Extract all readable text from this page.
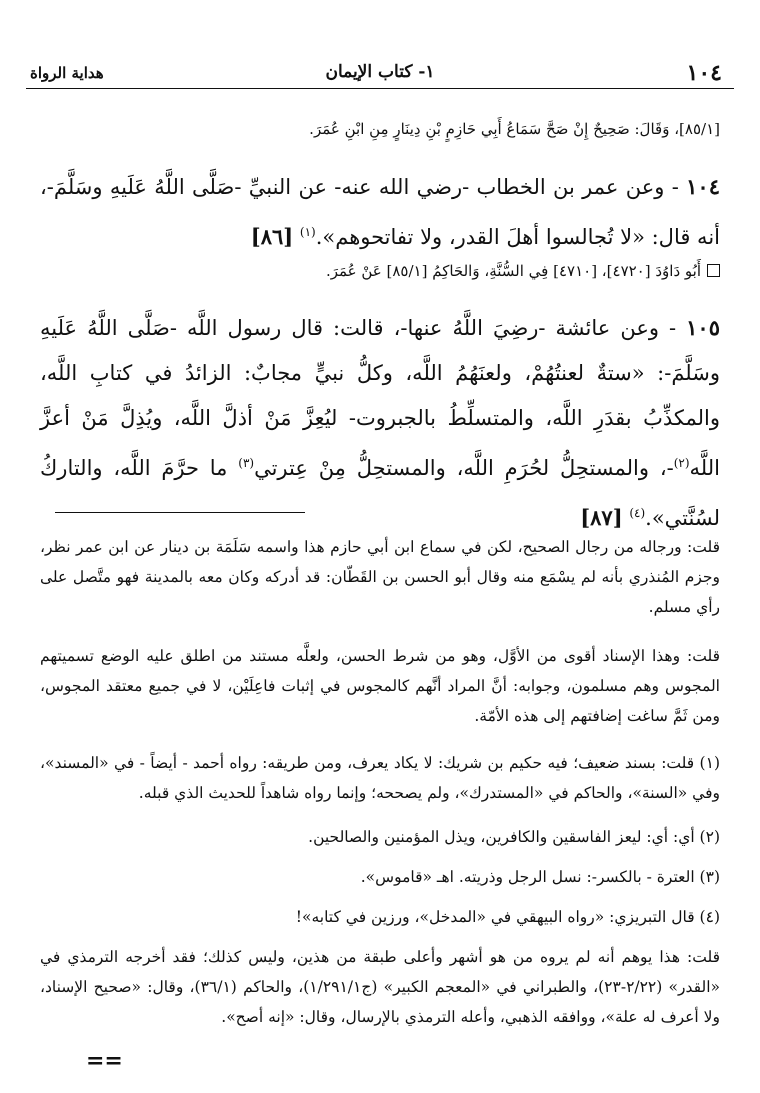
١٠٤
١- كتاب الإيمان
هداية الرواة
[٨٥/١]، وَقَالَ: صَحِيحٌ إِنْ صَحَّ سَمَاعُ أَبِي حَازِمٍ بْنِ دِينَارٍ مِنِ ابْنِ عُمَرَ.
١٠٤ - وعن عمر بن الخطاب -رضي الله عنه- عن النبيِّ -صَلَّى اللَّهُ عَلَيهِ وسَلَّمَ-، أنه قال: «لا تُجالسوا أهلَ القدر، ولا تفاتحوهم».$^{(١)}$ [٨٦]
أَبُو دَاوُدَ [٤٧٢٠]، [٤٧١٠] فِي السُّنَّةِ، وَالحَاكِمُ [٨٥/١] عَنْ عُمَرَ.
١٠٥ - وعن عائشة -رضِيَ اللَّهُ عنها-، قالت: قال رسول اللَّه -صَلَّى اللَّهُ عَلَيهِ وسَلَّمَ-: «ستةٌ لعنتُهُمْ، ولعنَهُمُ اللَّه، وكلُّ نبيٍّ مجابٌ: الزائدُ في كتابِ اللَّه، والمكذِّبُ بقدَرِ اللَّه، والمتسلِّطُ بالجبروت- ليُعِزَّ مَنْ أذلَّ اللَّه، ويُذِلَّ مَنْ أعزَّ اللَّه$^{(٢)}$-، والمستحِلُّ لحُرَمِ اللَّه، والمستحِلُّ مِنْ عِترتي$^{(٣)}$ ما حرَّمَ اللَّه، والتاركُ لسُنَّتي».$^{(٤)}$ [٨٧]
قلت: ورجاله من رجال الصحيح، لكن في سماع ابن أبي حازم هذا واسمه سَلَمَة بن دينار عن ابن عمر نظر، وجزم المُنذري بأنه لم يسْمَع منه وقال أبو الحسن بن القَطّان: قد أدركه وكان معه بالمدينة فهو متَّصل على رأي مسلم.
قلت: وهذا الإسناد أقوى من الأوَّل، وهو من شرط الحسن، ولعلَّه مستند من اطلق عليه الوضع تسميتهم المجوس وهم مسلمون، وجوابه: أنَّ المراد أنَّهم كالمجوس في إثبات فاعِلَيْن، لا في جميع معتقد المجوس، ومن ثَمَّ ساغت إضافتهم إلى هذه الأمّة.
(١) قلت: بسند ضعيف؛ فيه حكيم بن شريك: لا يكاد يعرف، ومن طريقه: رواه أحمد - أيضاً - في «المسند»، وفي «السنة»، والحاكم في «المستدرك»، ولم يصححه؛ وإنما رواه شاهداً للحديث الذي قبله.
(٢) أي: أي: ليعز الفاسقين والكافرين، ويذل المؤمنين والصالحين.
(٣) العترة - بالكسر-: نسل الرجل وذريته. اهـ «قاموس».
(٤) قال التبريزي: «رواه البيهقي في «المدخل»، ورزين في كتابه»!
قلت: هذا يوهم أنه لم يروه من هو أشهر وأعلى طبقة من هذين، وليس كذلك؛ فقد أخرجه الترمذي في «القدر» (٢/٢٢-٢٣)، والطبراني في «المعجم الكبير» (ج١/٢٩١/١)، والحاكم (٣٦/١)، وقال: «صحيح الإسناد، ولا أعرف له علة»، ووافقه الذهبي، وأعله الترمذي بالإرسال، وقال: «إنه أصح».
==
